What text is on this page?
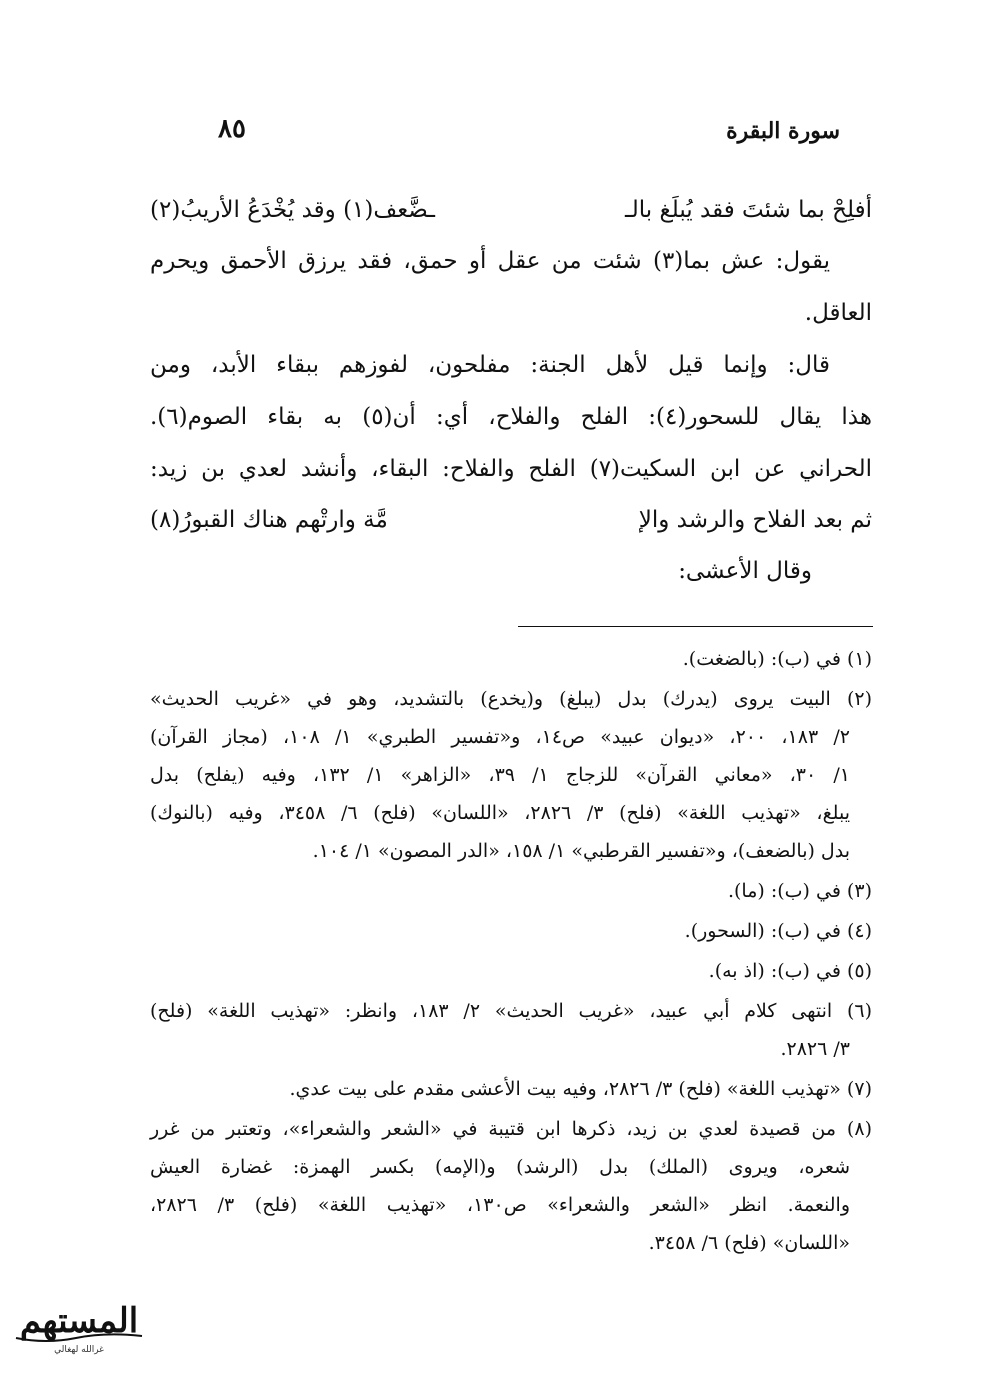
سورة البقرة
٨٥
أفلِحْ بما شئتَ فقد يُبلَغ بالـ
ـضَّعف(١) وقد يُخْدَعُ الأريبُ(٢)
يقول: عش بما(٣) شئت من عقل أو حمق، فقد يرزق الأحمق ويحرم
العاقل.
قال: وإنما قيل لأهل الجنة: مفلحون، لفوزهم ببقاء الأبد، ومن
هذا يقال للسحور(٤): الفلح والفلاح، أي: أن(٥) به بقاء الصوم(٦).
الحراني عن ابن السكيت(٧) الفلح والفلاح: البقاء، وأنشد لعدي بن زيد:
ثم بعد الفلاح والرشد والإ
مَّة وارتْهم هناك القبورُ(٨)
وقال الأعشى:
(١) في (ب): (بالضغت).
(٢) البيت يروى (يدرك) بدل (يبلغ) و(يخدع) بالتشديد، وهو في «غريب الحديث»
٢/ ١٨٣، ٢٠٠، «ديوان عبيد» ص١٤، و«تفسير الطبري» ١/ ١٠٨، (مجاز القرآن)
١/ ٣٠، «معاني القرآن» للزجاج ١/ ٣٩، «الزاهر» ١/ ١٣٢، وفيه (يفلح) بدل
يبلغ، «تهذيب اللغة» (فلح) ٣/ ٢٨٢٦، «اللسان» (فلح) ٦/ ٣٤٥٨، وفيه (بالنوك)
بدل (بالضعف)، و«تفسير القرطبي» ١/ ١٥٨، «الدر المصون» ١/ ١٠٤.
(٣) في (ب): (ما).
(٤) في (ب): (السحور).
(٥) في (ب): (اذ به).
(٦) انتهى كلام أبي عبيد، «غريب الحديث» ٢/ ١٨٣، وانظر: «تهذيب اللغة» (فلح)
٣/ ٢٨٢٦.
(٧) «تهذيب اللغة» (فلح) ٣/ ٢٨٢٦، وفيه بيت الأعشى مقدم على بيت عدي.
(٨) من قصيدة لعدي بن زيد، ذكرها ابن قتيبة في «الشعر والشعراء»، وتعتبر من غرر
شعره، ويروى (الملك) بدل (الرشد) و(الإمه) بكسر الهمزة: غضارة العيش
والنعمة. انظر «الشعر والشعراء» ص١٣٠، «تهذيب اللغة» (فلح) ٣/ ٢٨٢٦،
«اللسان» (فلح) ٦/ ٣٤٥٨.
المستهم
غرالله لهغالي
